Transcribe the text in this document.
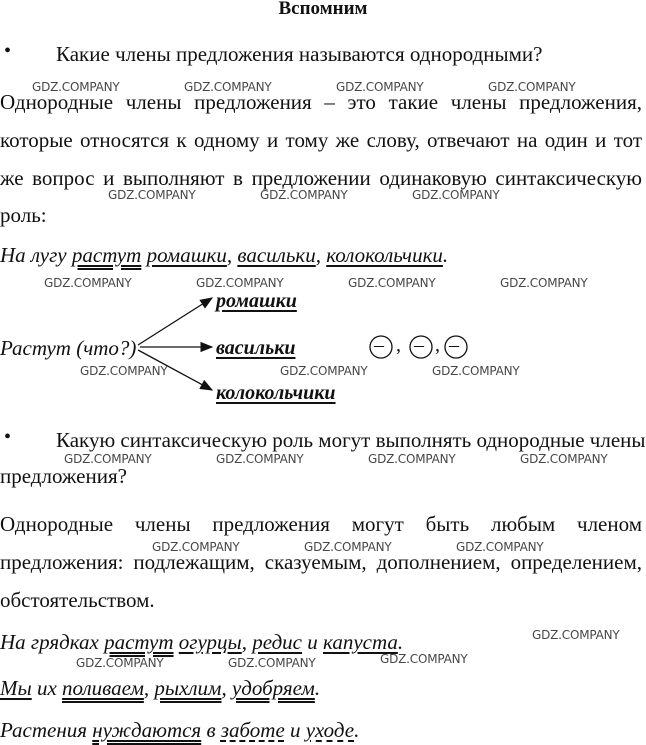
Вспомним
• Какие члены предложения называются однородными?
Однородные члены предложения – это такие члены предложения,
которые относятся к одному и тому же слову, отвечают на один и тот
же вопрос и выполняют в предложении одинаковую синтаксическую
роль:
На лугу растут ромашки, васильки, колокольчики.
Растут (что?)
ромашки
васильки
колокольчики
– , – , –
• Какую синтаксическую роль могут выполнять однородные члены
предложения?
Однородные члены предложения могут быть любым членом
предложения: подлежащим, сказуемым, дополнением, определением,
обстоятельством.
На грядках растут огурцы, редис и капуста.
Мы их поливаем, рыхлим, удобряем.
Растения нуждаются в заботе и уходе.
GDZ.COMPANY	GDZ.COMPANY	GDZ.COMPANY	GDZ.COMPANY
GDZ.COMPANY	GDZ.COMPANY	GDZ.COMPANY
GDZ.COMPANY	GDZ.COMPANY	GDZ.COMPANY	GDZ.COMPANY
GDZ.COMPANY	GDZ.COMPANY	GDZ.COMPANY
GDZ.COMPANY	GDZ.COMPANY	GDZ.COMPANY	GDZ.COMPANY
GDZ.COMPANY	GDZ.COMPANY	GDZ.COMPANY
GDZ.COMPANY
GDZ.COMPANY	GDZ.COMPANY	GDZ.COMPANY
